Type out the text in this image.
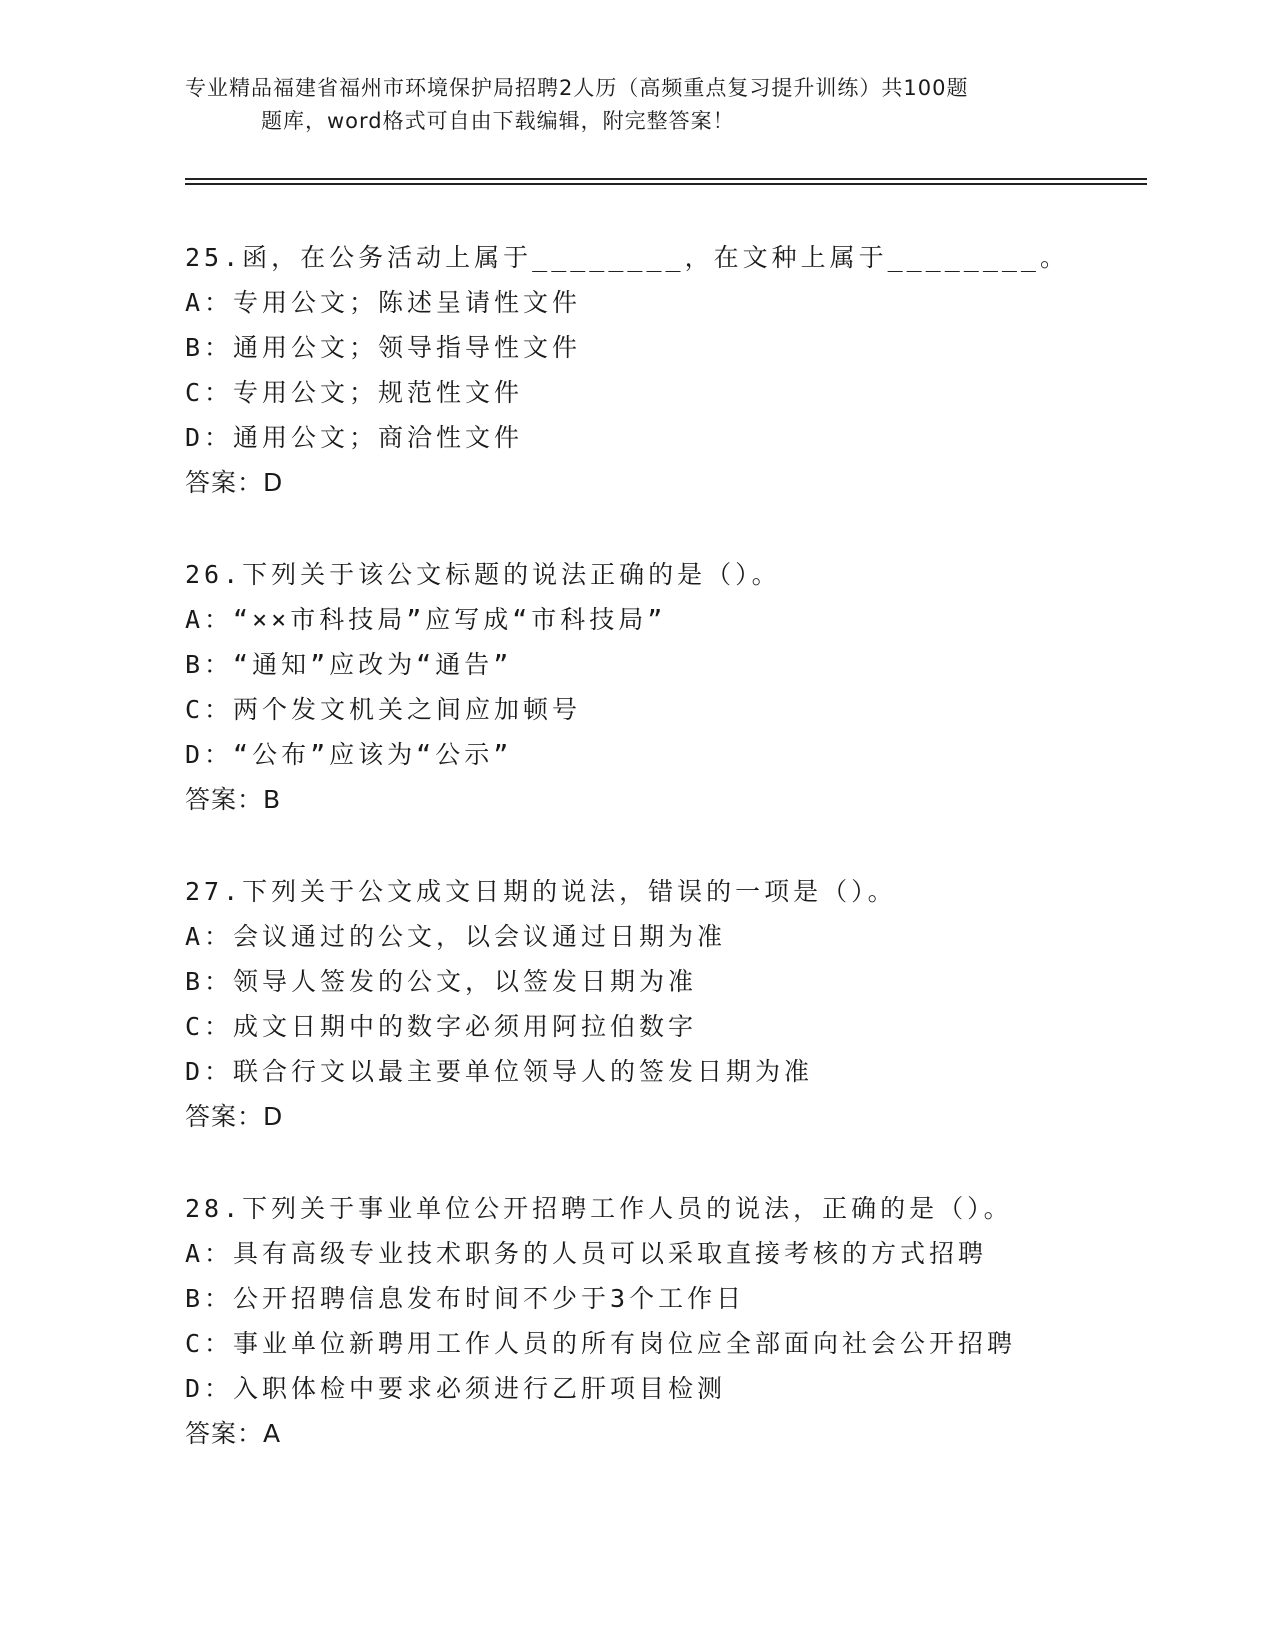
专业精品福建省福州市环境保护局招聘2人历（高频重点复习提升训练）共100题
题库，word格式可自由下载编辑，附完整答案！
25.函，在公务活动上属于________，在文种上属于________。
A：专用公文；陈述呈请性文件
B：通用公文；领导指导性文件
C：专用公文；规范性文件
D：通用公文；商洽性文件
答案：D
26.下列关于该公文标题的说法正确的是（）。
A：“××市科技局”应写成“市科技局”
B：“通知”应改为“通告”
C：两个发文机关之间应加顿号
D：“公布”应该为“公示”
答案：B
27.下列关于公文成文日期的说法，错误的一项是（）。
A：会议通过的公文，以会议通过日期为准
B：领导人签发的公文，以签发日期为准
C：成文日期中的数字必须用阿拉伯数字
D：联合行文以最主要单位领导人的签发日期为准
答案：D
28.下列关于事业单位公开招聘工作人员的说法，正确的是（）。
A：具有高级专业技术职务的人员可以采取直接考核的方式招聘
B：公开招聘信息发布时间不少于3个工作日
C：事业单位新聘用工作人员的所有岗位应全部面向社会公开招聘
D：入职体检中要求必须进行乙肝项目检测
答案：A
